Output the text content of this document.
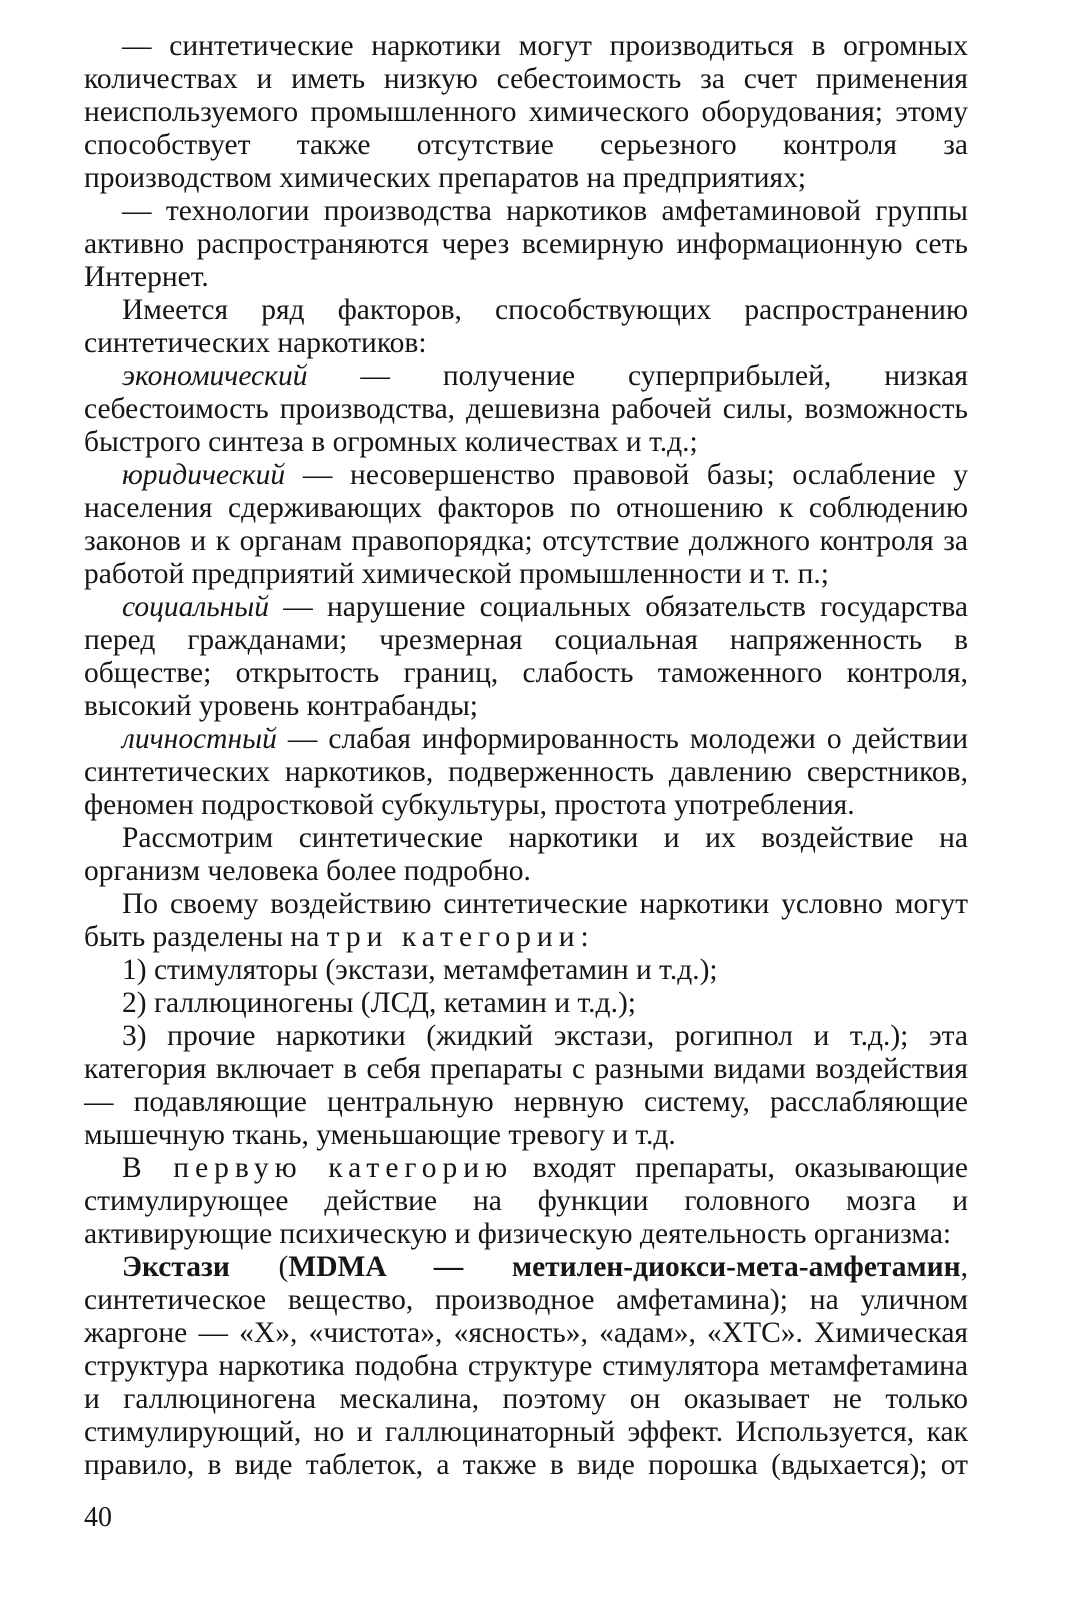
— синтетические наркотики могут производиться в огромных количествах и иметь низкую себестоимость за счет применения неиспользуемого промышленного химического оборудования; этому способствует также отсутствие серьезного контроля за производством химических препаратов на предприятиях;

— технологии производства наркотиков амфетаминовой группы активно распространяются через всемирную информационную сеть Интернет.

Имеется ряд факторов, способствующих распространению синтетических наркотиков:

экономический — получение суперприбылей, низкая себестоимость производства, дешевизна рабочей силы, возможность быстрого синтеза в огромных количествах и т.д.;

юридический — несовершенство правовой базы; ослабление у населения сдерживающих факторов по отношению к соблюдению законов и к органам правопорядка; отсутствие должного контроля за работой предприятий химической промышленности и т. п.;

социальный — нарушение социальных обязательств государства перед гражданами; чрезмерная социальная напряженность в обществе; открытость границ, слабость таможенного контроля, высокий уровень контрабанды;

личностный — слабая информированность молодежи о действии синтетических наркотиков, подверженность давлению сверстников, феномен подростковой субкультуры, простота употребления.

Рассмотрим синтетические наркотики и их воздействие на организм человека более подробно.

По своему воздействию синтетические наркотики условно могут быть разделены на три категории:

1) стимуляторы (экстази, метамфетамин и т.д.);

2) галлюциногены (ЛСД, кетамин и т.д.);

3) прочие наркотики (жидкий экстази, рогипнол и т.д.); эта категория включает в себя препараты с разными видами воздействия — подавляющие центральную нервную систему, расслабляющие мышечную ткань, уменьшающие тревогу и т.д.

В первую категорию входят препараты, оказывающие стимулирующее действие на функции головного мозга и активирующие психическую и физическую деятельность организма:

Экстази (MDMA — метилен-диокси-мета-амфетамин, синтетическое вещество, производное амфетамина); на уличном жаргоне — «X», «чистота», «ясность», «адам», «XTC». Химическая структура наркотика подобна структуре стимулятора метамфетамина и галлюциногена мескалина, поэтому он оказывает не только стимулирующий, но и галлюцинаторный эффект. Используется, как правило, в виде таблеток, а также в виде порошка (вдыхается); от

40
